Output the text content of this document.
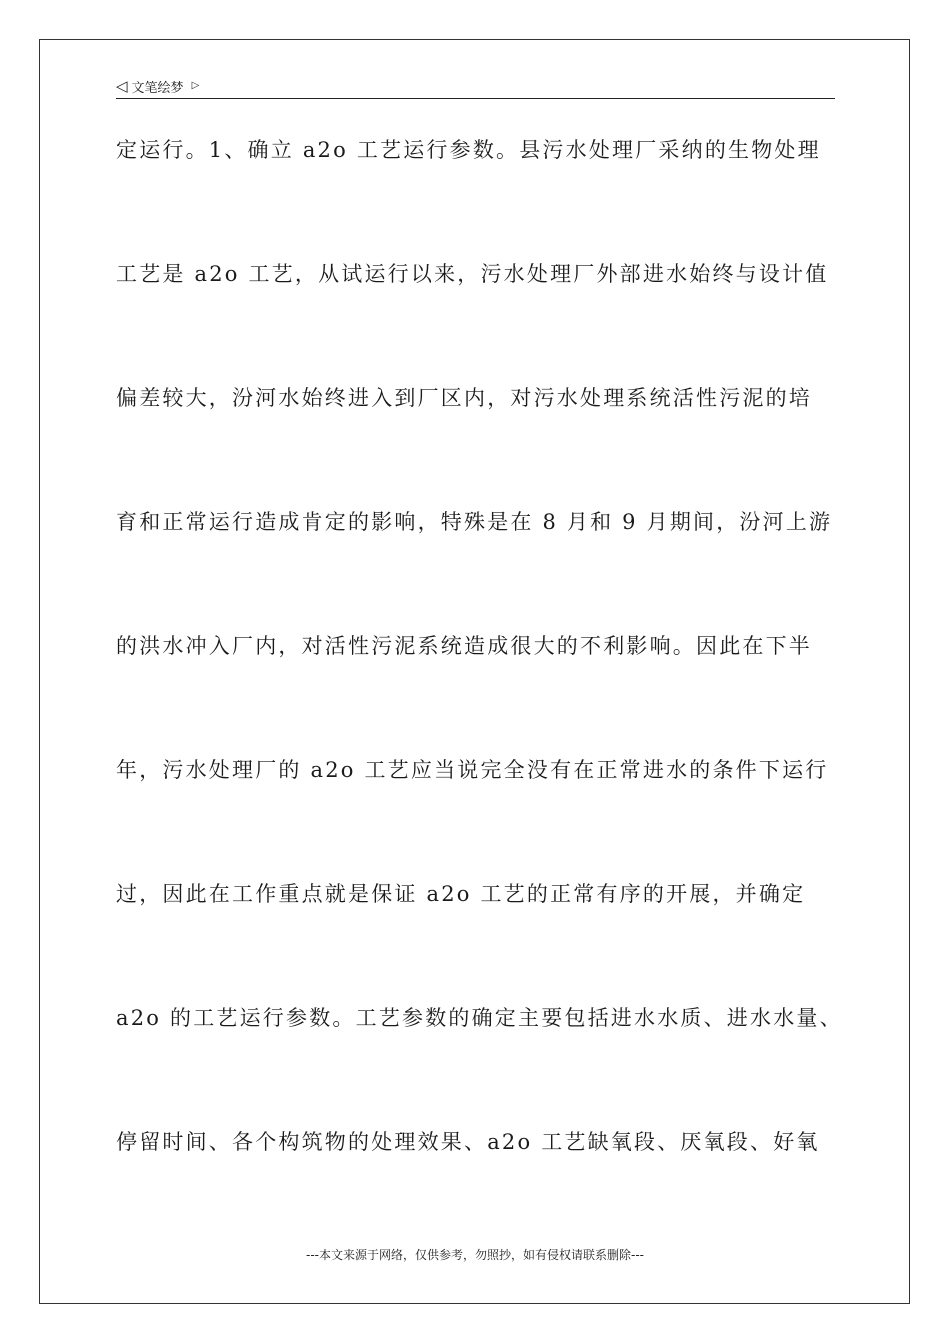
◁ 文笔绘梦 ▷
定运行。1、确立 a2o 工艺运行参数。县污水处理厂采纳的生物处理
工艺是 a2o 工艺，从试运行以来，污水处理厂外部进水始终与设计值
偏差较大，汾河水始终进入到厂区内，对污水处理系统活性污泥的培
育和正常运行造成肯定的影响，特殊是在 8 月和 9 月期间，汾河上游
的洪水冲入厂内，对活性污泥系统造成很大的不利影响。因此在下半
年，污水处理厂的 a2o 工艺应当说完全没有在正常进水的条件下运行
过，因此在工作重点就是保证 a2o 工艺的正常有序的开展，并确定
a2o 的工艺运行参数。工艺参数的确定主要包括进水水质、进水水量、
停留时间、各个构筑物的处理效果、a2o 工艺缺氧段、厌氧段、好氧
---本文来源于网络，仅供参考，勿照抄，如有侵权请联系删除---
